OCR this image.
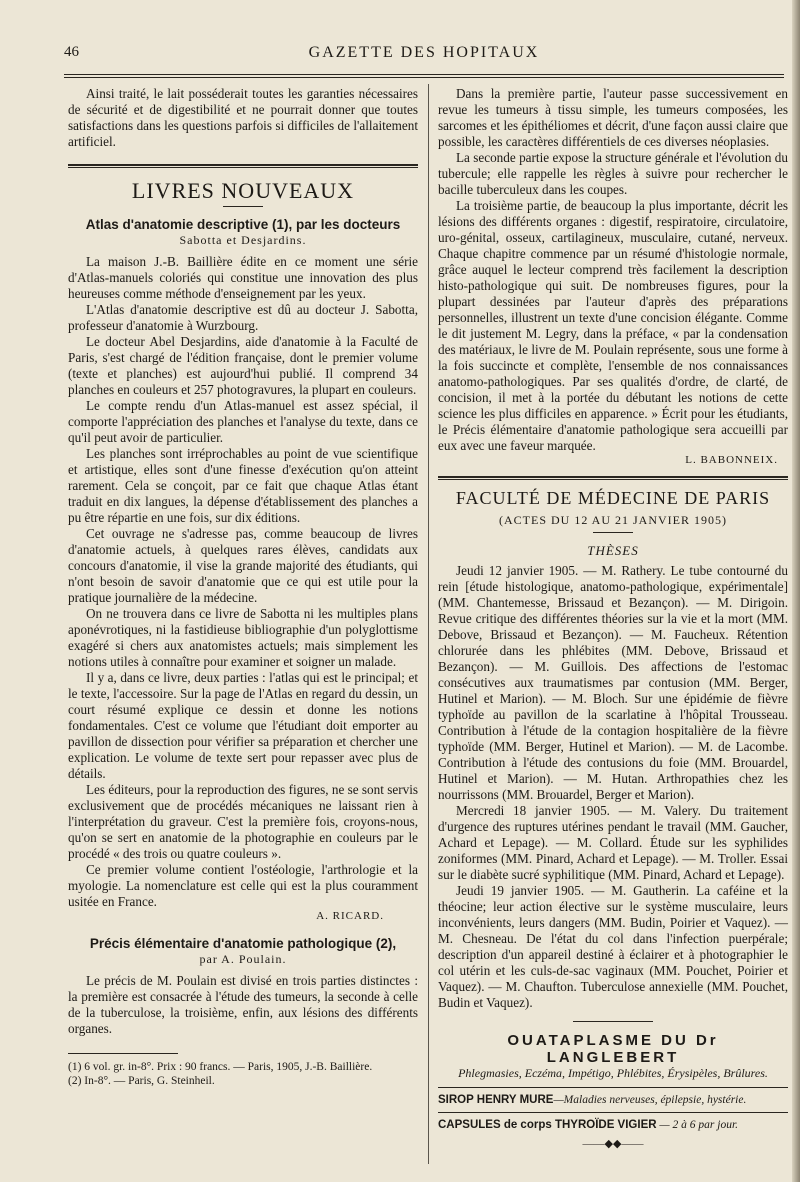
46	GAZETTE DES HOPITAUX

Ainsi traité, le lait posséderait toutes les garanties nécessaires de sécurité et de digestibilité et ne pourrait donner que toutes satisfactions dans les questions parfois si difficiles de l'allaitement artificiel.

LIVRES NOUVEAUX
Atlas d'anatomie descriptive (1), par les docteurs
Sabotta et Desjardins.

La maison J.-B. Baillière édite en ce moment une série d'Atlas-manuels coloriés qui constitue une innovation des plus heureuses comme méthode d'enseignement par les yeux.

L'Atlas d'anatomie descriptive est dû au docteur J. Sabotta, professeur d'anatomie à Wurzbourg.

Le docteur Abel Desjardins, aide d'anatomie à la Faculté de Paris, s'est chargé de l'édition française, dont le premier volume (texte et planches) est aujourd'hui publié. Il comprend 34 planches en couleurs et 257 photogravures, la plupart en couleurs.

Le compte rendu d'un Atlas-manuel est assez spécial, il comporte l'appréciation des planches et l'analyse du texte, dans ce qu'il peut avoir de particulier.

Les planches sont irréprochables au point de vue scientifique et artistique, elles sont d'une finesse d'exécution qu'on atteint rarement. Cela se conçoit, par ce fait que chaque Atlas étant traduit en dix langues, la dépense d'établissement des planches a pu être répartie en une fois, sur dix éditions.

Cet ouvrage ne s'adresse pas, comme beaucoup de livres d'anatomie actuels, à quelques rares élèves, candidats aux concours d'anatomie, il vise la grande majorité des étudiants, qui n'ont besoin de savoir d'anatomie que ce qui est utile pour la pratique journalière de la médecine.

On ne trouvera dans ce livre de Sabotta ni les multiples plans aponévrotiques, ni la fastidieuse bibliographie d'un polyglottisme exagéré si chers aux anatomistes actuels; mais simplement les notions utiles à connaître pour examiner et soigner un malade.

Il y a, dans ce livre, deux parties : l'atlas qui est le principal; et le texte, l'accessoire. Sur la page de l'Atlas en regard du dessin, un court résumé explique ce dessin et donne les notions fondamentales. C'est ce volume que l'étudiant doit emporter au pavillon de dissection pour vérifier sa préparation et chercher une explication. Le volume de texte sert pour repasser avec plus de détails.

Les éditeurs, pour la reproduction des figures, ne se sont servis exclusivement que de procédés mécaniques ne laissant rien à l'interprétation du graveur. C'est la première fois, croyons-nous, qu'on se sert en anatomie de la photographie en couleurs par le procédé « des trois ou quatre couleurs ».

Ce premier volume contient l'ostéologie, l'arthrologie et la myologie. La nomenclature est celle qui est la plus couramment usitée en France.

A. RICARD.
Précis élémentaire d'anatomie pathologique (2),
par A. Poulain.

Le précis de M. Poulain est divisé en trois parties distinctes : la première est consacrée à l'étude des tumeurs, la seconde à celle de la tuberculose, la troisième, enfin, aux lésions des différents organes.

(1) 6 vol. gr. in-8°. Prix : 90 francs. — Paris, 1905, J.-B. Baillière.

(2) In-8°. — Paris, G. Steinheil.

Dans la première partie, l'auteur passe successivement en revue les tumeurs à tissu simple, les tumeurs composées, les sarcomes et les épithéliomes et décrit, d'une façon aussi claire que possible, les caractères différentiels de ces diverses néoplasies.

La seconde partie expose la structure générale et l'évolution du tubercule; elle rappelle les règles à suivre pour rechercher le bacille tuberculeux dans les coupes.

La troisième partie, de beaucoup la plus importante, décrit les lésions des différents organes : digestif, respiratoire, circulatoire, uro-génital, osseux, cartilagineux, musculaire, cutané, nerveux. Chaque chapitre commence par un résumé d'histologie normale, grâce auquel le lecteur comprend très facilement la description histo-pathologique qui suit. De nombreuses figures, pour la plupart dessinées par l'auteur d'après des préparations personnelles, illustrent un texte d'une concision élégante. Comme le dit justement M. Legry, dans la préface, « par la condensation des matériaux, le livre de M. Poulain représente, sous une forme à la fois succincte et complète, l'ensemble de nos connaissances anatomo-pathologiques. Par ses qualités d'ordre, de clarté, de concision, il met à la portée du débutant les notions de cette science les plus difficiles en apparence. » Écrit pour les étudiants, le Précis élémentaire d'anatomie pathologique sera accueilli par eux avec une faveur marquée.

L. BABONNEIX.
FACULTÉ DE MÉDECINE DE PARIS
(ACTES DU 12 AU 21 JANVIER 1905)
THÈSES

Jeudi 12 janvier 1905. — M. Rathery. Le tube contourné du rein [étude histologique, anatomo-pathologique, expérimentale] (MM. Chantemesse, Brissaud et Bezançon). — M. Dirigoin. Revue critique des différentes théories sur la vie et la mort (MM. Debove, Brissaud et Bezançon). — M. Faucheux. Rétention chlorurée dans les phlébites (MM. Debove, Brissaud et Bezançon). — M. Guillois. Des affections de l'estomac consécutives aux traumatismes par contusion (MM. Berger, Hutinel et Marion). — M. Bloch. Sur une épidémie de fièvre typhoïde au pavillon de la scarlatine à l'hôpital Trousseau. Contribution à l'étude de la contagion hospitalière de la fièvre typhoïde (MM. Berger, Hutinel et Marion). — M. de Lacombe. Contribution à l'étude des contusions du foie (MM. Brouardel, Hutinel et Marion). — M. Hutan. Arthropathies chez les nourrissons (MM. Brouardel, Berger et Marion).

Mercredi 18 janvier 1905. — M. Valery. Du traitement d'urgence des ruptures utérines pendant le travail (MM. Gaucher, Achard et Lepage). — M. Collard. Étude sur les syphilides zoniformes (MM. Pinard, Achard et Lepage). — M. Troller. Essai sur le diabète sucré syphilitique (MM. Pinard, Achard et Lepage).

Jeudi 19 janvier 1905. — M. Gautherin. La caféine et la théocine; leur action élective sur le système musculaire, leurs inconvénients, leurs dangers (MM. Budin, Poirier et Vaquez). — M. Chesneau. De l'état du col dans l'infection puerpérale; description d'un appareil destiné à éclairer et à photographier le col utérin et les culs-de-sac vaginaux (MM. Pouchet, Poirier et Vaquez). — M. Chaufton. Tuberculose annexielle (MM. Pouchet, Budin et Vaquez).

OUATAPLASME DU Dr LANGLEBERT
Phlegmasies, Eczéma, Impétigo, Phlébites, Érysipèles, Brûlures.
SIROP HENRY MURE—Maladies nerveuses, épilepsie, hystérie.
CAPSULES de corps THYROÏDE VIGIER — 2 à 6 par jour.
——◆◆——
